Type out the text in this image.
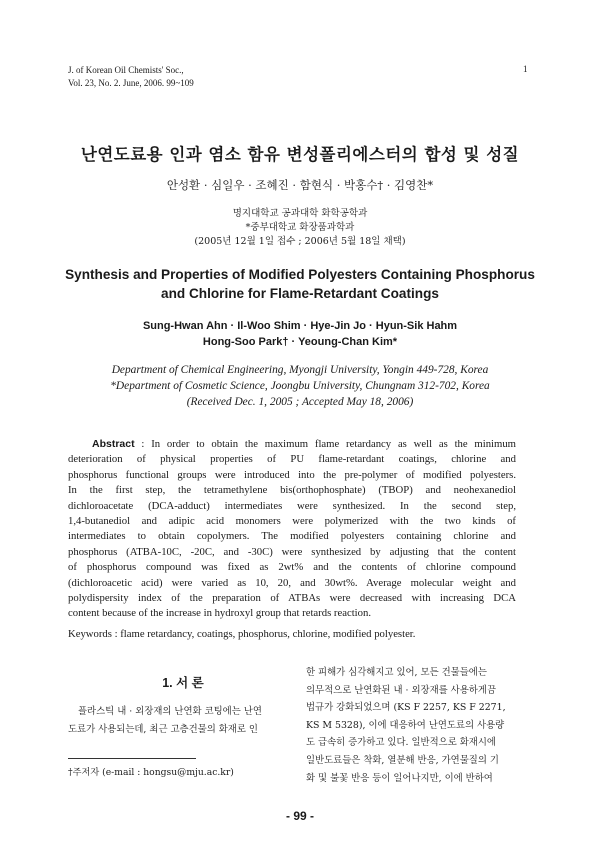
J. of Korean Oil Chemists' Soc.,
Vol. 23, No. 2. June, 2006. 99~109
1
난연도료용 인과 염소 함유 변성폴리에스터의 합성 및 성질
안성환 · 심일우 · 조혜진 · 함현식 · 박홍수† · 김영찬*
명지대학교 공과대학 화학공학과
*중부대학교 화장품과학과
(2005년 12월 1일 접수 ; 2006년 5월 18일 채택)
Synthesis and Properties of Modified Polyesters Containing Phosphorus
and Chlorine for Flame-Retardant Coatings
Sung-Hwan Ahn · Il-Woo Shim · Hye-Jin Jo · Hyun-Sik Hahm
Hong-Soo Park† · Yeoung-Chan Kim*
Department of Chemical Engineering, Myongji University, Yongin 449-728, Korea
*Department of Cosmetic Science, Joongbu University, Chungnam 312-702, Korea
(Received Dec. 1, 2005 ; Accepted May 18, 2006)
Abstract : In order to obtain the maximum flame retardancy as well as the minimum
deterioration of physical properties of PU flame-retardant coatings, chlorine and
phosphorus functional groups were introduced into the pre-polymer of modified polyesters.
In the first step, the tetramethylene bis(orthophosphate) (TBOP) and neohexanediol
dichloroacetate (DCA-adduct) intermediates were synthesized. In the second step,
1,4-butanediol and adipic acid monomers were polymerized with the two kinds of
intermediates to obtain copolymers. The modified polyesters containing chlorine and
phosphorus (ATBA-10C, -20C, and -30C) were synthesized by adjusting that the content
of phosphorus compound was fixed as 2wt% and the contents of chlorine compound
(dichloroacetic acid) were varied as 10, 20, and 30wt%. Average molecular weight and
polydispersity index of the preparation of ATBAs were decreased with increasing DCA
content because of the increase in hydroxyl group that retards reaction.
Keywords : flame retardancy, coatings, phosphorus, chlorine, modified polyester.
1. 서 론
플라스틱 내 · 외장재의 난연화 코팅에는 난연
도료가 사용되는데, 최근 고층건물의 화재로 인
한 피해가 심각해지고 있어, 모든 건물들에는
의무적으로 난연화된 내 · 외장재를 사용하게끔
법규가 강화되었으며 (KS F 2257, KS F 2271,
KS M 5328), 이에 대응하여 난연도료의 사용량
도 급속히 증가하고 있다. 일반적으로 화재시에
일반도료들은 착화, 열분해 반응, 가연물질의 기
화 및 불꽃 반응 등이 일어나지만, 이에 반하여
†주저자 (e-mail : hongsu@mju.ac.kr)
- 99 -
